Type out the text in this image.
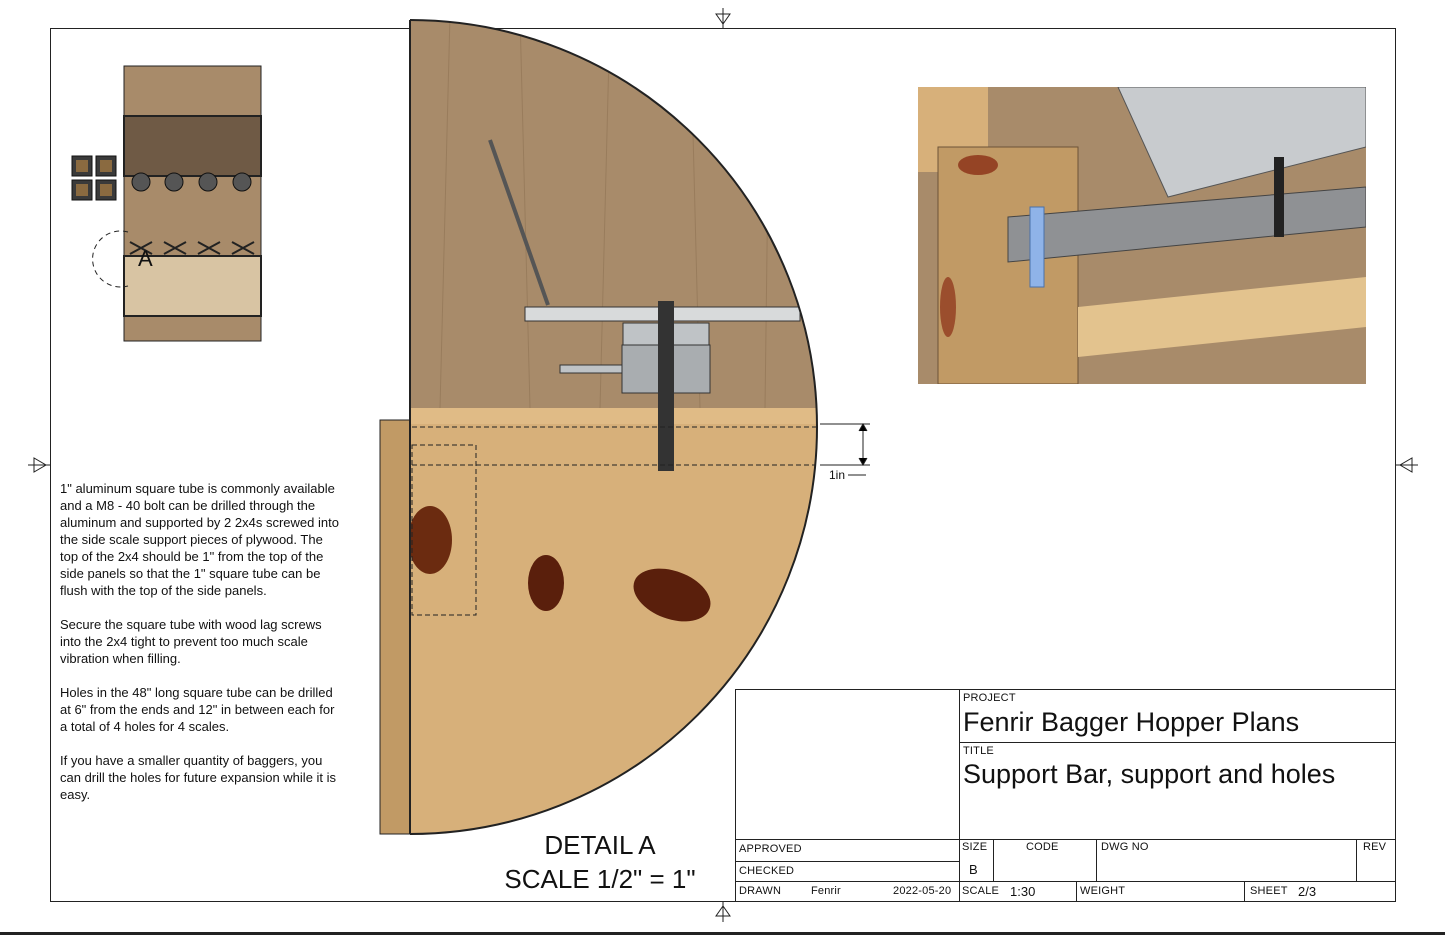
A
1in

1" aluminum square tube is commonly available and a M8 - 40 bolt can be drilled through the aluminum and supported by 2 2x4s screwed into the side scale support pieces of plywood. The top of the 2x4 should be 1" from the top of the side panels so that the 1" square tube can be flush with the top of the side panels.

Secure the square tube with wood lag screws into the 2x4 tight to prevent too much scale vibration when filling.

Holes in the 48" long square tube can be drilled at 6" from the ends and 12" in between each for a total of 4 holes for 4 scales.

If you have a smaller quantity of baggers, you can drill the holes for future expansion while it is easy.

DETAIL A
SCALE 1/2" = 1"
PROJECT
Fenrir Bagger Hopper Plans
TITLE
Support Bar, support and holes
APPROVED
CHECKED
DRAWN	Fenrir	2022-05-20
SIZE
B
CODE	DWG NO	REV
SCALE 1:30	WEIGHT	SHEET 2/3
